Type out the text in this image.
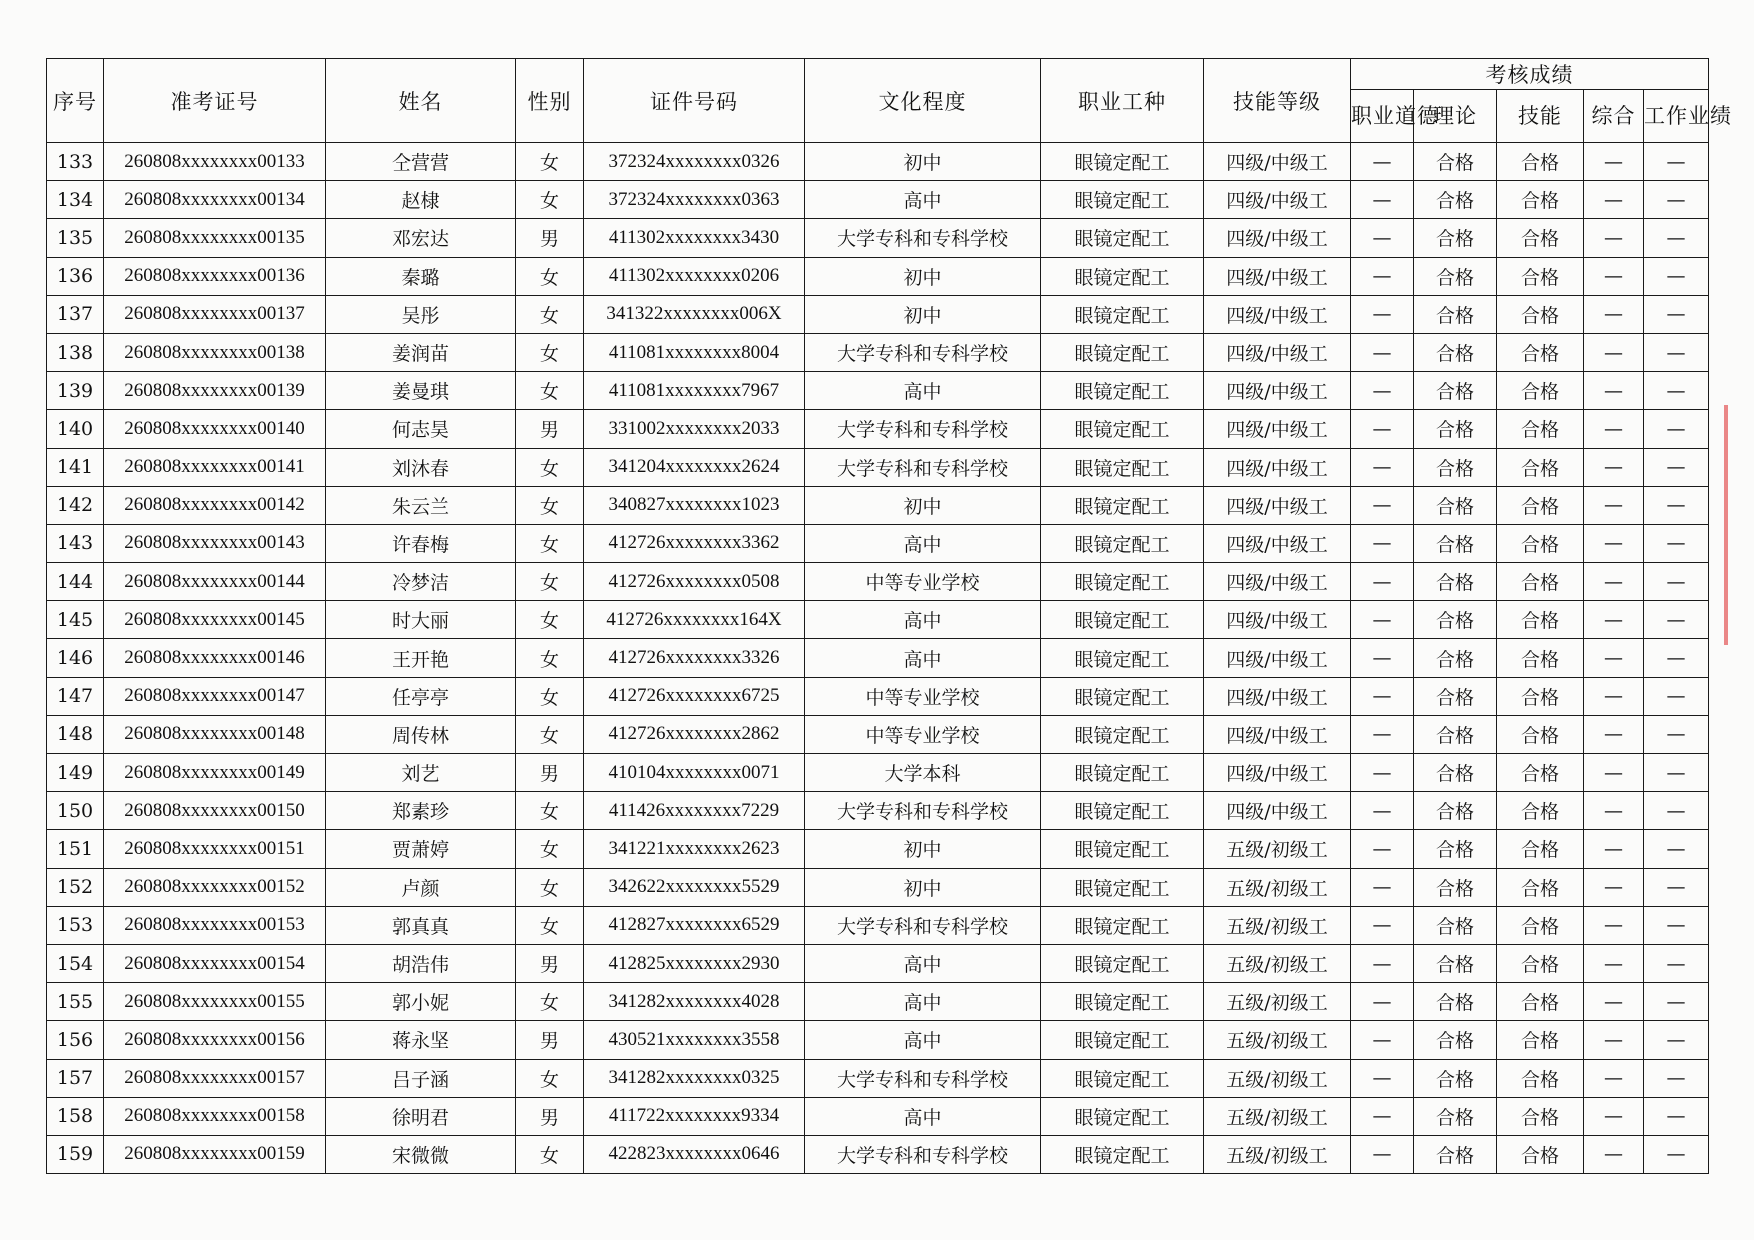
序号	准考证号	姓名	性别	证件号码	文化程度	职业工种	技能等级	考核成绩				
								职业道德	理论	技能	综合	工作业绩
133	260808xxxxxxxx00133	仝营营	女	372324xxxxxxxx0326	初中	眼镜定配工	四级/中级工	—	合格	合格	—	—
134	260808xxxxxxxx00134	赵棣	女	372324xxxxxxxx0363	高中	眼镜定配工	四级/中级工	—	合格	合格	—	—
135	260808xxxxxxxx00135	邓宏达	男	411302xxxxxxxx3430	大学专科和专科学校	眼镜定配工	四级/中级工	—	合格	合格	—	—
136	260808xxxxxxxx00136	秦璐	女	411302xxxxxxxx0206	初中	眼镜定配工	四级/中级工	—	合格	合格	—	—
137	260808xxxxxxxx00137	吴彤	女	341322xxxxxxxx006X	初中	眼镜定配工	四级/中级工	—	合格	合格	—	—
138	260808xxxxxxxx00138	姜润苗	女	411081xxxxxxxx8004	大学专科和专科学校	眼镜定配工	四级/中级工	—	合格	合格	—	—
139	260808xxxxxxxx00139	姜曼琪	女	411081xxxxxxxx7967	高中	眼镜定配工	四级/中级工	—	合格	合格	—	—
140	260808xxxxxxxx00140	何志昊	男	331002xxxxxxxx2033	大学专科和专科学校	眼镜定配工	四级/中级工	—	合格	合格	—	—
141	260808xxxxxxxx00141	刘沐春	女	341204xxxxxxxx2624	大学专科和专科学校	眼镜定配工	四级/中级工	—	合格	合格	—	—
142	260808xxxxxxxx00142	朱云兰	女	340827xxxxxxxx1023	初中	眼镜定配工	四级/中级工	—	合格	合格	—	—
143	260808xxxxxxxx00143	许春梅	女	412726xxxxxxxx3362	高中	眼镜定配工	四级/中级工	—	合格	合格	—	—
144	260808xxxxxxxx00144	冷梦洁	女	412726xxxxxxxx0508	中等专业学校	眼镜定配工	四级/中级工	—	合格	合格	—	—
145	260808xxxxxxxx00145	时大丽	女	412726xxxxxxxx164X	高中	眼镜定配工	四级/中级工	—	合格	合格	—	—
146	260808xxxxxxxx00146	王开艳	女	412726xxxxxxxx3326	高中	眼镜定配工	四级/中级工	—	合格	合格	—	—
147	260808xxxxxxxx00147	任亭亭	女	412726xxxxxxxx6725	中等专业学校	眼镜定配工	四级/中级工	—	合格	合格	—	—
148	260808xxxxxxxx00148	周传林	女	412726xxxxxxxx2862	中等专业学校	眼镜定配工	四级/中级工	—	合格	合格	—	—
149	260808xxxxxxxx00149	刘艺	男	410104xxxxxxxx0071	大学本科	眼镜定配工	四级/中级工	—	合格	合格	—	—
150	260808xxxxxxxx00150	郑素珍	女	411426xxxxxxxx7229	大学专科和专科学校	眼镜定配工	四级/中级工	—	合格	合格	—	—
151	260808xxxxxxxx00151	贾萧婷	女	341221xxxxxxxx2623	初中	眼镜定配工	五级/初级工	—	合格	合格	—	—
152	260808xxxxxxxx00152	卢颜	女	342622xxxxxxxx5529	初中	眼镜定配工	五级/初级工	—	合格	合格	—	—
153	260808xxxxxxxx00153	郭真真	女	412827xxxxxxxx6529	大学专科和专科学校	眼镜定配工	五级/初级工	—	合格	合格	—	—
154	260808xxxxxxxx00154	胡浩伟	男	412825xxxxxxxx2930	高中	眼镜定配工	五级/初级工	—	合格	合格	—	—
155	260808xxxxxxxx00155	郭小妮	女	341282xxxxxxxx4028	高中	眼镜定配工	五级/初级工	—	合格	合格	—	—
156	260808xxxxxxxx00156	蒋永坚	男	430521xxxxxxxx3558	高中	眼镜定配工	五级/初级工	—	合格	合格	—	—
157	260808xxxxxxxx00157	吕子涵	女	341282xxxxxxxx0325	大学专科和专科学校	眼镜定配工	五级/初级工	—	合格	合格	—	—
158	260808xxxxxxxx00158	徐明君	男	411722xxxxxxxx9334	高中	眼镜定配工	五级/初级工	—	合格	合格	—	—
159	260808xxxxxxxx00159	宋微微	女	422823xxxxxxxx0646	大学专科和专科学校	眼镜定配工	五级/初级工	—	合格	合格	—	—
